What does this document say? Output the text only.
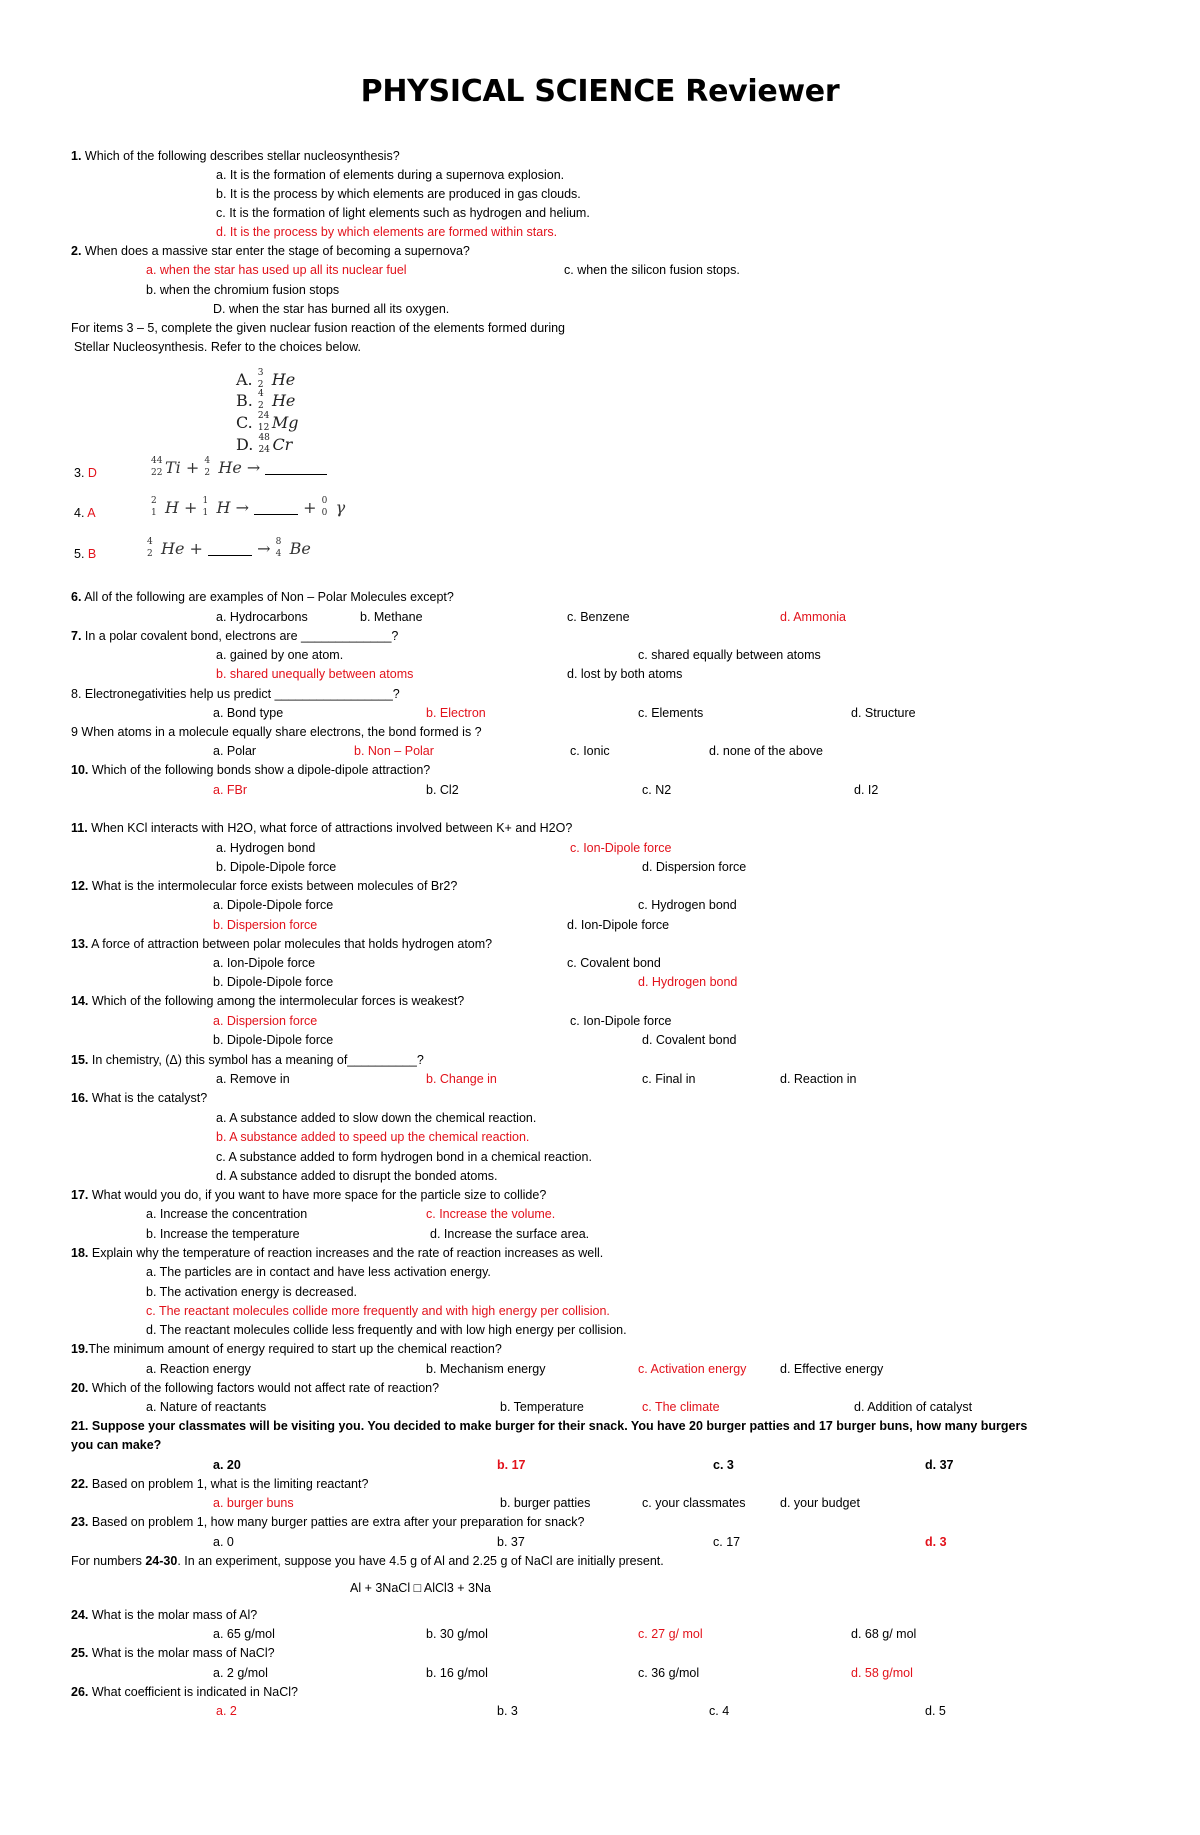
PHYSICAL SCIENCE Reviewer
1. Which of the following describes stellar nucleosynthesis?
a. It is the formation of elements during a supernova explosion.
b. It is the process by which elements are produced in gas clouds.
c. It is the formation of light elements such as hydrogen and helium.
d. It is the process by which elements are formed within stars.
2. When does a massive star enter the stage of becoming a supernova?
a. when the star has used up all its nuclear fuel	c. when the silicon fusion stops.
b. when the chromium fusion stops
D. when the star has burned all its oxygen.
For items 3 – 5, complete the given nuclear fusion reaction of the elements formed during
Stellar Nucleosynthesis. Refer to the choices below.
A. 3
2 He
B. 4
2 He
C. 24
12 Mg
D. 48
24 Cr
3. D
44
22 Ti + 4
2 He →
4. A
2
1 H + 1
1 H →	+ 0
0 γ
5. B
4
2 He +	→ 8
4 Be
6. All of the following are examples of Non – Polar Molecules except?
a. Hydrocarbons	b. Methane	c. Benzene	d. Ammonia
7. In a polar covalent bond, electrons are _____________?
a. gained by one atom.	c. shared equally between atoms
b. shared unequally between atoms	d. lost by both atoms
8. Electronegativities help us predict _________________?
a. Bond type	b. Electron	c. Elements	d. Structure
9 When atoms in a molecule equally share electrons, the bond formed is ?
a. Polar	b. Non – Polar	c. Ionic	d. none of the above
10. Which of the following bonds show a dipole-dipole attraction?
a. FBr	b. Cl2	c. N2	d. I2
11. When KCl interacts with H2O, what force of attractions involved between K+ and H2O?
a. Hydrogen bond	c. Ion-Dipole force
b. Dipole-Dipole force	d. Dispersion force
12. What is the intermolecular force exists between molecules of Br2?
a. Dipole-Dipole force	c. Hydrogen bond
b. Dispersion force	d. Ion-Dipole force
13. A force of attraction between polar molecules that holds hydrogen atom?
a. Ion-Dipole force	c. Covalent bond
b. Dipole-Dipole force	d. Hydrogen bond
14. Which of the following among the intermolecular forces is weakest?
a. Dispersion force	c. Ion-Dipole force
b. Dipole-Dipole force	d. Covalent bond
15. In chemistry, (Δ) this symbol has a meaning of__________?
a. Remove in	b. Change in	c. Final in	d. Reaction in
16. What is the catalyst?
a. A substance added to slow down the chemical reaction.
b. A substance added to speed up the chemical reaction.
c. A substance added to form hydrogen bond in a chemical reaction.
d. A substance added to disrupt the bonded atoms.
17. What would you do, if you want to have more space for the particle size to collide?
a. Increase the concentration	c. Increase the volume.
b. Increase the temperature	d. Increase the surface area.
18. Explain why the temperature of reaction increases and the rate of reaction increases as well.
a. The particles are in contact and have less activation energy.
b. The activation energy is decreased.
c. The reactant molecules collide more frequently and with high energy per collision.
d. The reactant molecules collide less frequently and with low high energy per collision.
19.The minimum amount of energy required to start up the chemical reaction?
a. Reaction energy	b. Mechanism energy	c. Activation energy	d. Effective energy
20. Which of the following factors would not affect rate of reaction?
a. Nature of reactants	b. Temperature	c. The climate	d. Addition of catalyst
21. Suppose your classmates will be visiting you. You decided to make burger for their snack. You have 20 burger patties and 17 burger buns, how many burgers
you can make?
a. 20	b. 17	c. 3	d. 37
22. Based on problem 1, what is the limiting reactant?
a. burger buns	b. burger patties	c. your classmates	d. your budget
23. Based on problem 1, how many burger patties are extra after your preparation for snack?
a. 0	b. 37	c. 17	d. 3
For numbers 24-30. In an experiment, suppose you have 4.5 g of Al and 2.25 g of NaCl are initially present.
Al + 3NaCl □ AlCl3 + 3Na
24. What is the molar mass of Al?
a. 65 g/mol	b. 30 g/mol	c. 27 g/ mol	d. 68 g/ mol
25. What is the molar mass of NaCl?
a. 2 g/mol	b. 16 g/mol	c. 36 g/mol	d. 58 g/mol
26. What coefficient is indicated in NaCl?
a. 2	b. 3	c. 4	d. 5
